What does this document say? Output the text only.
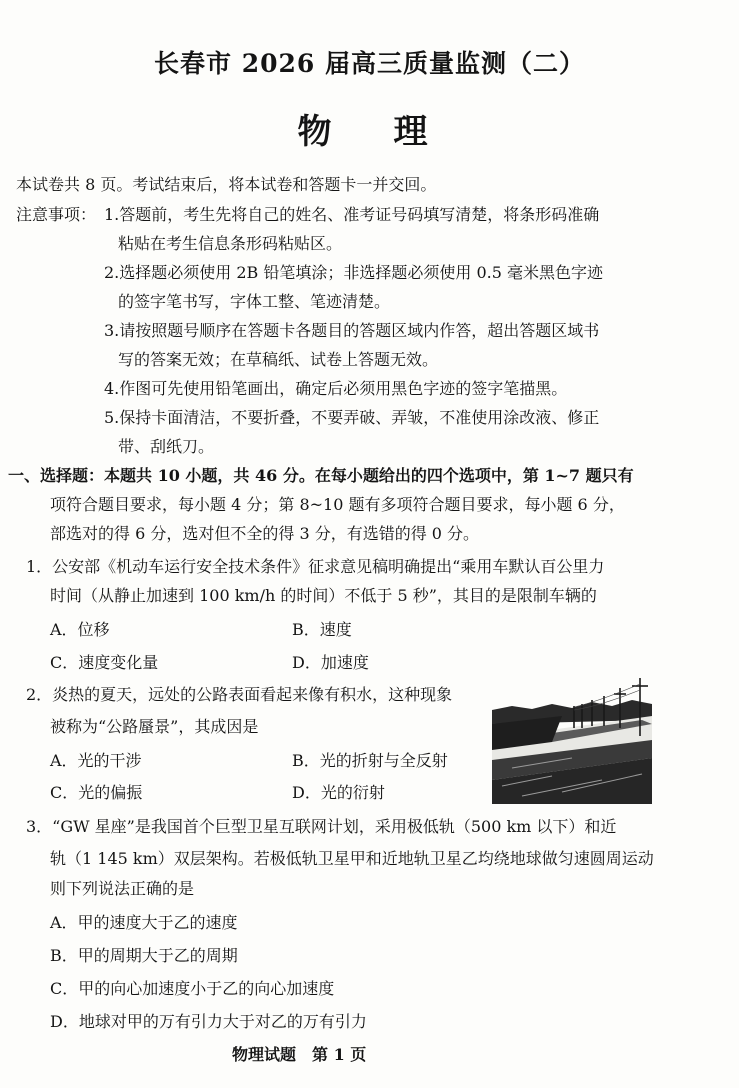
长春市 2026 届高三质量监测（二）
物　理
本试卷共 8 页。考试结束后，将本试卷和答题卡一并交回。
注意事项： 1.答题前，考生先将自己的姓名、准考证号码填写清楚，将条形码准确
粘贴在考生信息条形码粘贴区。
2.选择题必须使用 2B 铅笔填涂；非选择题必须使用 0.5 毫米黑色字迹
的签字笔书写，字体工整、笔迹清楚。
3.请按照题号顺序在答题卡各题目的答题区域内作答，超出答题区域书
写的答案无效；在草稿纸、试卷上答题无效。
4.作图可先使用铅笔画出，确定后必须用黑色字迹的签字笔描黑。
5.保持卡面清洁，不要折叠，不要弄破、弄皱，不准使用涂改液、修正
带、刮纸刀。
一、选择题：本题共 10 小题，共 46 分。在每小题给出的四个选项中，第 1~7 题只有
项符合题目要求，每小题 4 分；第 8~10 题有多项符合题目要求，每小题 6 分，
部选对的得 6 分，选对但不全的得 3 分，有选错的得 0 分。
1．公安部《机动车运行安全技术条件》征求意见稿明确提出“乘用车默认百公里力
时间（从静止加速到 100 km/h 的时间）不低于 5 秒”，其目的是限制车辆的
A．位移	B．速度
C．速度变化量	D．加速度
2．炎热的夏天，远处的公路表面看起来像有积水，这种现象
被称为“公路蜃景”，其成因是
A．光的干涉	B．光的折射与全反射
C．光的偏振	D．光的衍射
3．“GW 星座”是我国首个巨型卫星互联网计划，采用极低轨（500 km 以下）和近
轨（1 145 km）双层架构。若极低轨卫星甲和近地轨卫星乙均绕地球做匀速圆周运动
则下列说法正确的是
A．甲的速度大于乙的速度
B．甲的周期大于乙的周期
C．甲的向心加速度小于乙的向心加速度
D．地球对甲的万有引力大于对乙的万有引力
物理试题　第 1 页
